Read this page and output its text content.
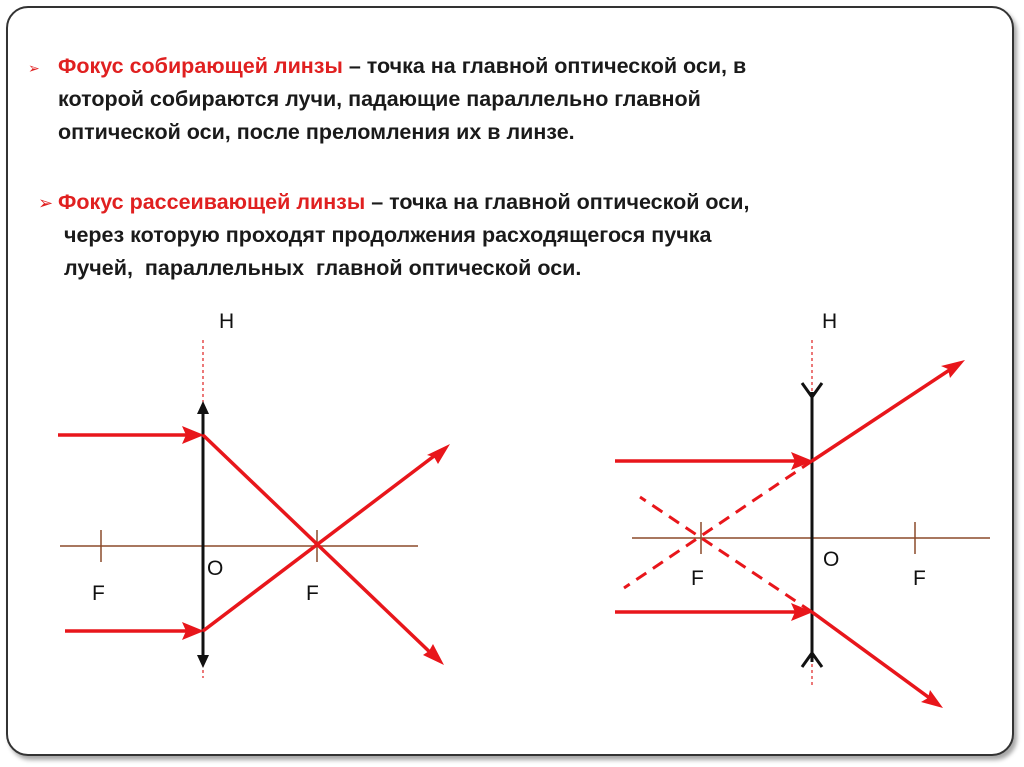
➢ Фокус собирающей линзы – точка на главной оптической оси, в
которой собираются лучи, падающие параллельно главной
оптической оси, после преломления их в линзе.
➢ Фокус рассеивающей линзы – точка на главной оптической оси,
через которую проходят продолжения расходящегося пучка
лучей,  параллельных  главной оптической оси.
Н
О
F	F
Н
О
F	F
